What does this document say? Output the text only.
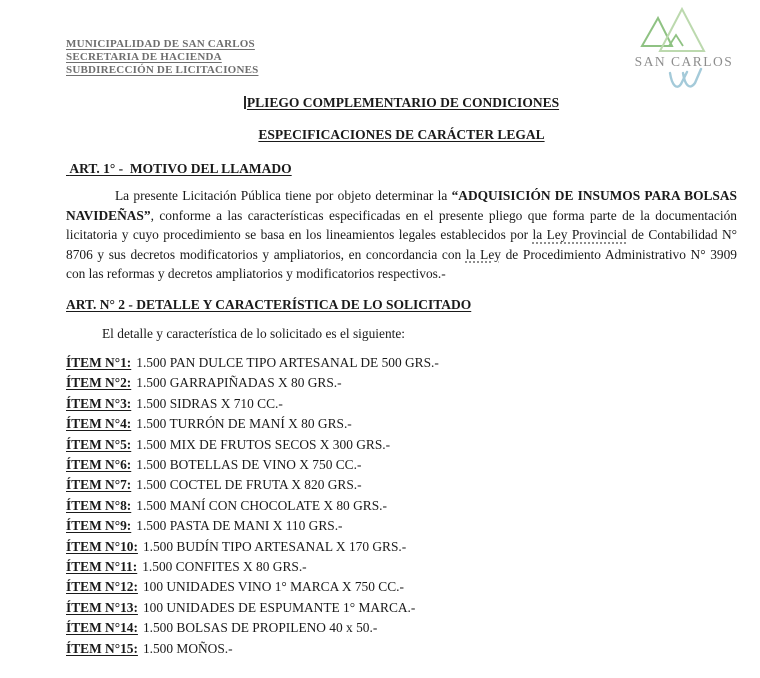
MUNICIPALIDAD DE SAN CARLOS
SECRETARIA DE HACIENDA
SUBDIRECCIÓN DE LICITACIONES
SAN CARLOS
PLIEGO COMPLEMENTARIO DE CONDICIONES
ESPECIFICACIONES DE CARÁCTER LEGAL
ART. 1° -  MOTIVO DEL LLAMADO

La presente Licitación Pública tiene por objeto determinar la “ADQUISICIÓN DE INSUMOS PARA BOLSAS NAVIDEÑAS”, conforme a las características especificadas en el presente pliego que forma parte de la documentación licitatoria y cuyo procedimiento se basa en los lineamientos legales establecidos por la Ley Provincial de Contabilidad N° 8706 y sus decretos modificatorios y ampliatorios, en concordancia con la Ley de Procedimiento Administrativo N° 3909 con las reformas y decretos ampliatorios y modificatorios respectivos.-

ART. N° 2 - DETALLE Y CARACTERÍSTICA DE LO SOLICITADO
El detalle y característica de lo solicitado es el siguiente:
ÍTEM N°1: 1.500 PAN DULCE TIPO ARTESANAL DE 500 GRS.-
ÍTEM N°2: 1.500 GARRAPIÑADAS X 80 GRS.-
ÍTEM N°3: 1.500 SIDRAS X 710 CC.-
ÍTEM N°4: 1.500 TURRÓN DE MANÍ X 80 GRS.-
ÍTEM N°5: 1.500 MIX DE FRUTOS SECOS X 300 GRS.-
ÍTEM N°6: 1.500 BOTELLAS DE VINO X 750 CC.-
ÍTEM N°7: 1.500 COCTEL DE FRUTA X 820 GRS.-
ÍTEM N°8: 1.500 MANÍ CON CHOCOLATE X 80 GRS.-
ÍTEM N°9: 1.500 PASTA DE MANI X 110 GRS.-
ÍTEM N°10: 1.500 BUDÍN TIPO ARTESANAL X 170 GRS.-
ÍTEM N°11: 1.500 CONFITES X 80 GRS.-
ÍTEM N°12: 100 UNIDADES VINO 1° MARCA X 750 CC.-
ÍTEM N°13: 100 UNIDADES DE ESPUMANTE 1° MARCA.-
ÍTEM N°14: 1.500 BOLSAS DE PROPILENO 40 x 50.-
ÍTEM N°15: 1.500 MOÑOS.-
